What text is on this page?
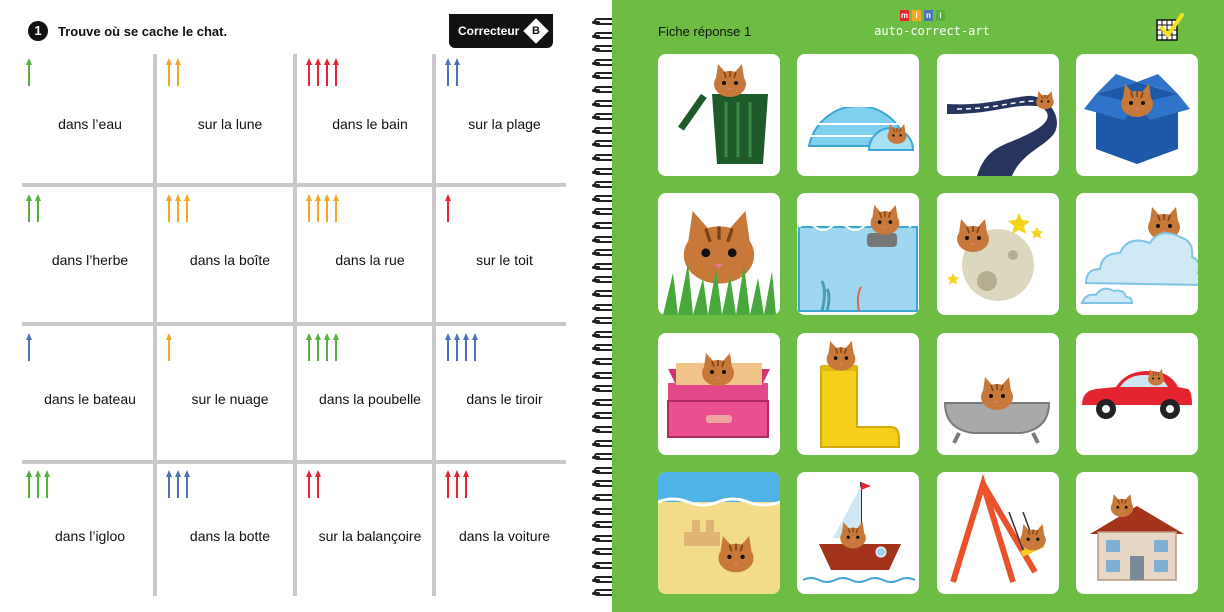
1	Trouve où se cache le chat.	Correcteur	B
dans l’eau	sur la lune	dans le bain	sur la plage
dans l’herbe	dans la boîte	dans la rue	sur le toit
dans le bateau	sur le nuage	dans la poubelle	dans le tiroir
dans l’igloo	dans la botte	sur la balançoire	dans la voiture
Fiche réponse 1
m i	n	i
auto-correct-art
